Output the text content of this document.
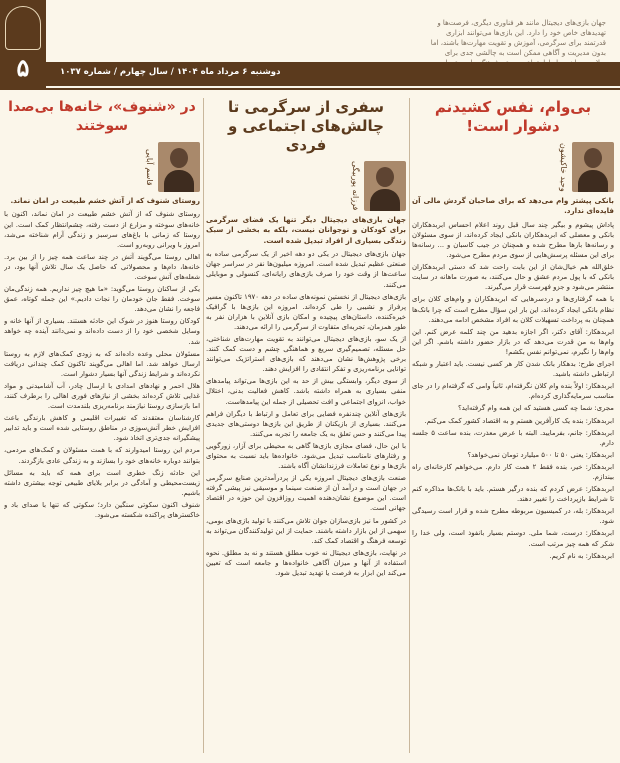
۵
جهان بازی‌های دیجیتال مانند هر فناوری دیگری، فرصت‌ها و تهدیدهای خاص خود را دارد. این بازی‌ها می‌توانند ابزاری قدرتمند برای سرگرمی، آموزش و تقویت مهارت‌ها باشند، اما بدون مدیریت و آگاهی ممکن است به چالشی جدی برای
دوشنبه ۶ مرداد ماه ۱۴۰۴ / سال چهارم / شماره ۱۰۳۷
بی‌وام، نفس کشیدنم دشوار است!
وحید خاکیشون
بانکی پیشتر وام می‌دهد که برای صاحبان گردش مالی آن فایده‌ای ندارد.

پاداش پیشوم و بیگیر چند سال قبل روند اعلام احساس ابربدهکاران بانکی و معضلی که ابربدهکاران بانکی ایجاد کرده‌اند، از سوی مسئولان و رسانه‌ها بارها مطرح شده و همچنان در جیب کاسبان و ... رسانه‌ها برای این مسئله پرسش‌هایی از سوی مردم مطرح می‌شود.

خلق‌الله هم خیال‌شان از این بابت راحت شد که دستی ابربدهکاران بانکی که با پول مردم عشق و حال می‌کنند، به صورت ماهانه در سایت منتشر می‌شود و جزو فهرست قرار می‌گیرند.

با همه گرفتاری‌ها و دردسرهایی که ابربدهکاران و وام‌های کلان برای نظام بانکی ایجاد کرده‌اند، این بار این سؤال مطرح است که چرا بانک‌ها همچنان به پرداخت تسهیلات کلان به افراد مشخص ادامه می‌دهند.

ابربدهکار: آقای دکتر، اگر اجازه بدهید من چند کلمه عرض کنم. این وام‌ها به من قدرت می‌دهد که در بازار حضور داشته باشم. اگر این وام‌ها را نگیرم، نمی‌توانم نفس بکشم!

اجرای طرح: بدهکار بانک شدن کار هر کسی نیست. باید اعتبار و شبکه ارتباطی داشته باشید.

ابربدهکار: اولاً بنده وام کلان نگرفته‌ام، ثانیاً وامی که گرفته‌ام را در جای مناسب سرمایه‌گذاری کرده‌ام.

مجری: شما چه کسی هستید که این همه وام گرفته‌اید؟

ابربدهکار: بنده یک کارآفرین هستم و به اقتصاد کشور کمک می‌کنم.

ابربدهکار: جانم، بفرمایید. البته با عرض معذرت، بنده ساعت ۵ جلسه دارم.

ابربدهکار: یعنی ۵۰ تا ۵۰۰ میلیارد تومان نمی‌خواهد؟

ابربدهکار: خیر، بنده فقط ۲ همت کار دارم. می‌خواهم کارخانه‌ای راه بیندازم.

ابربدهکار: عرض کردم که بنده درگیر هستم. باید با بانک‌ها مذاکره کنم تا شرایط بازپرداخت را تغییر دهند.

ابربدهکار: بله، در کمیسیون مربوطه مطرح شده و قرار است رسیدگی شود.

ابربدهکار: درست، شما ملی. دوستم بسیار بانفوذ است، ولی خدا را شکر که همه چیز مرتب است.

ابربدهکار: به نام کریم.

سفری از سرگرمی تا چالش‌های اجتماعی و فردی
فرزانه پوربیگی
جهان بازی‌های دیجیتال دیگر تنها یک فضای سرگرمی برای کودکان و نوجوانان نیست، بلکه به بخشی از سبک زندگی بسیاری از افراد تبدیل شده است.

جهان بازی‌های دیجیتال در یکی دو دهه اخیر از یک سرگرمی ساده به صنعتی عظیم تبدیل شده است. امروزه میلیون‌ها نفر در سراسر جهان ساعت‌ها از وقت خود را صرف بازی‌های رایانه‌ای، کنسولی و موبایلی می‌کنند.

بازی‌های دیجیتال از نخستین نمونه‌های ساده در دهه ۱۹۷۰ تاکنون مسیر پرفراز و نشیبی را طی کرده‌اند. امروزه این بازی‌ها با گرافیک خیره‌کننده، داستان‌های پیچیده و امکان بازی آنلاین با هزاران نفر به طور همزمان، تجربه‌ای متفاوت از سرگرمی را ارائه می‌دهند.

از یک سو، بازی‌های دیجیتال می‌توانند به تقویت مهارت‌های شناختی، حل مسئله، تصمیم‌گیری سریع و هماهنگی چشم و دست کمک کنند. برخی پژوهش‌ها نشان می‌دهند که بازی‌های استراتژیک می‌توانند توانایی برنامه‌ریزی و تفکر انتقادی را افزایش دهند.

از سوی دیگر، وابستگی بیش از حد به این بازی‌ها می‌تواند پیامدهای منفی بسیاری به همراه داشته باشد. کاهش فعالیت بدنی، اختلال خواب، انزوای اجتماعی و افت تحصیلی از جمله این پیامدهاست.

بازی‌های آنلاین چندنفره فضایی برای تعامل و ارتباط با دیگران فراهم می‌کنند. بسیاری از بازیکنان از طریق این بازی‌ها دوستی‌های جدیدی پیدا می‌کنند و حس تعلق به یک جامعه را تجربه می‌کنند.

با این حال، فضای مجازی بازی‌ها گاهی به محیطی برای آزار، زورگویی و رفتارهای نامناسب تبدیل می‌شود. خانواده‌ها باید نسبت به محتوای بازی‌ها و نوع تعاملات فرزندانشان آگاه باشند.

صنعت بازی‌های دیجیتال امروزه یکی از پردرآمدترین صنایع سرگرمی در جهان است و درآمد آن از صنعت سینما و موسیقی نیز پیشی گرفته است. این موضوع نشان‌دهنده اهمیت روزافزون این حوزه در اقتصاد جهانی است.

در کشور ما نیز بازی‌سازان جوان تلاش می‌کنند با تولید بازی‌های بومی، سهمی از این بازار داشته باشند. حمایت از این تولیدکنندگان می‌تواند به توسعه فرهنگ و اقتصاد کمک کند.

در نهایت، بازی‌های دیجیتال نه خوب مطلق هستند و نه بد مطلق. نحوه استفاده از آنها و میزان آگاهی خانواده‌ها و جامعه است که تعیین می‌کند این ابزار به فرصت یا تهدید تبدیل شود.

در «شنوف»، خانه‌ها بی‌صدا سوختند
قاسم آبایی
روستای شنوف که از آتش خشم طبیعت در امان نماند.

روستای شنوف که از آتش خشم طبیعت در امان نماند، اکنون با خانه‌های سوخته و مزارع از دست رفته، چشم‌انتظار کمک است. این روستا که زمانی با باغ‌های سرسبز و زندگی آرام شناخته می‌شد، امروز با ویرانی روبه‌رو است.

اهالی روستا می‌گویند آتش در چند ساعت همه چیز را از بین برد. خانه‌ها، دام‌ها و محصولاتی که حاصل یک سال تلاش آنها بود، در شعله‌های آتش سوخت.

یکی از ساکنان روستا می‌گوید: «ما هیچ چیز نداریم. همه زندگی‌مان سوخت. فقط جان خودمان را نجات دادیم.» این جمله کوتاه، عمق فاجعه را نشان می‌دهد.

کودکان روستا هنوز در شوک این حادثه هستند. بسیاری از آنها خانه و وسایل شخصی خود را از دست داده‌اند و نمی‌دانند آینده چه خواهد شد.

مسئولان محلی وعده داده‌اند که به زودی کمک‌های لازم به روستا ارسال خواهد شد. اما اهالی می‌گویند تاکنون کمک چندانی دریافت نکرده‌اند و شرایط زندگی آنها بسیار دشوار است.

هلال احمر و نهادهای امدادی با ارسال چادر، آب آشامیدنی و مواد غذایی تلاش کرده‌اند بخشی از نیازهای فوری اهالی را برطرف کنند، اما بازسازی روستا نیازمند برنامه‌ریزی بلندمدت است.

کارشناسان معتقدند که تغییرات اقلیمی و کاهش بارندگی باعث افزایش خطر آتش‌سوزی در مناطق روستایی شده است و باید تدابیر پیشگیرانه جدی‌تری اتخاذ شود.

مردم این روستا امیدوارند که با همت مسئولان و کمک‌های مردمی، بتوانند دوباره خانه‌های خود را بسازند و به زندگی عادی بازگردند.

این حادثه زنگ خطری است برای همه که باید به مسائل زیست‌محیطی و آمادگی در برابر بلایای طبیعی توجه بیشتری داشته باشیم.

شنوف اکنون سکوتی سنگین دارد؛ سکوتی که تنها با صدای باد و خاکسترهای پراکنده شکسته می‌شود.
